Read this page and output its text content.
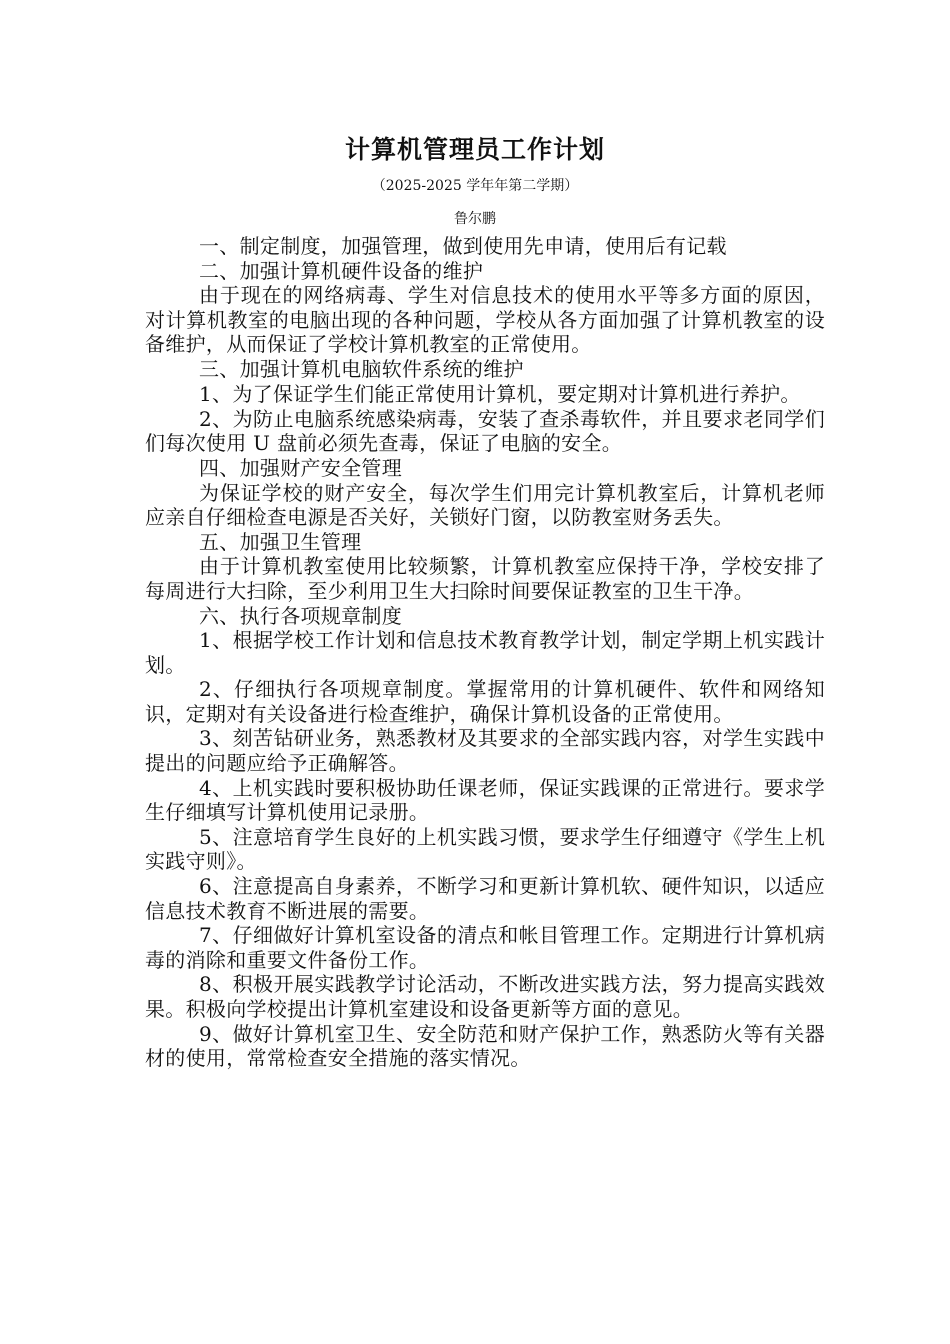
计算机管理员工作计划
（2025-2025 学年年第二学期）
鲁尔鹏

一、制定制度，加强管理，做到使用先申请，使用后有记载

二、加强计算机硬件设备的维护

由于现在的网络病毒、学生对信息技术的使用水平等多方面的原因，对计算机教室的电脑出现的各种问题，学校从各方面加强了计算机教室的设备维护，从而保证了学校计算机教室的正常使用。

三、加强计算机电脑软件系统的维护

1、为了保证学生们能正常使用计算机，要定期对计算机进行养护。

2、为防止电脑系统感染病毒，安装了查杀毒软件，并且要求老同学们们每次使用 U 盘前必须先查毒，保证了电脑的安全。

四、加强财产安全管理

为保证学校的财产安全，每次学生们用完计算机教室后，计算机老师应亲自仔细检查电源是否关好，关锁好门窗，以防教室财务丢失。

五、加强卫生管理

由于计算机教室使用比较频繁，计算机教室应保持干净，学校安排了每周进行大扫除，至少利用卫生大扫除时间要保证教室的卫生干净。

六、执行各项规章制度

1、根据学校工作计划和信息技术教育教学计划，制定学期上机实践计划。

2、仔细执行各项规章制度。掌握常用的计算机硬件、软件和网络知识，定期对有关设备进行检查维护，确保计算机设备的正常使用。

3、刻苦钻研业务，熟悉教材及其要求的全部实践内容，对学生实践中提出的问题应给予正确解答。

4、上机实践时要积极协助任课老师，保证实践课的正常进行。要求学生仔细填写计算机使用记录册。

5、注意培育学生良好的上机实践习惯，要求学生仔细遵守《学生上机实践守则》。

6、注意提高自身素养，不断学习和更新计算机软、硬件知识，以适应信息技术教育不断进展的需要。

7、仔细做好计算机室设备的清点和帐目管理工作。定期进行计算机病毒的消除和重要文件备份工作。

8、积极开展实践教学讨论活动，不断改进实践方法，努力提高实践效果。积极向学校提出计算机室建设和设备更新等方面的意见。

9、做好计算机室卫生、安全防范和财产保护工作，熟悉防火等有关器材的使用，常常检查安全措施的落实情况。
